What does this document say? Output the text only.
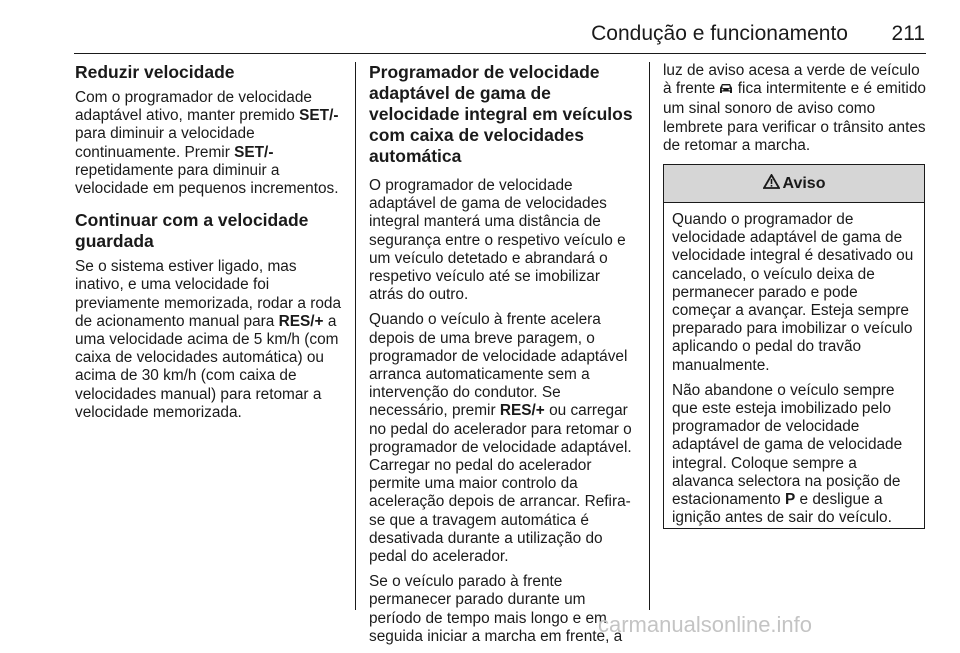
Condução e funcionamento	211
Reduzir velocidade

Com o programador de velocidade adaptável ativo, manter premido SET/- para diminuir a velocidade continuamente. Premir SET/- repetidamente para diminuir a velocidade em pequenos incrementos.

Continuar com a velocidade guardada

Se o sistema estiver ligado, mas inativo, e uma velocidade foi previamente memorizada, rodar a roda de acionamento manual para RES/+ a uma velocidade acima de 5 km/h (com caixa de velocidades automática) ou acima de 30 km/h (com caixa de velocidades manual) para retomar a velocidade memorizada.

Programador de velocidade adaptável de gama de velocidade integral em veículos com caixa de velocidades automática

O programador de velocidade adaptável de gama de velocidades integral manterá uma distância de segurança entre o respetivo veículo e um veículo detetado e abrandará o respetivo veículo até se imobilizar atrás do outro.

Quando o veículo à frente acelera depois de uma breve paragem, o programador de velocidade adaptável arranca automaticamente sem a intervenção do condutor. Se necessário, premir RES/+ ou carregar no pedal do acelerador para retomar o programador de velocidade adaptável. Carregar no pedal do acelerador permite uma maior controlo da aceleração depois de arrancar. Refira-se que a travagem automática é desativada durante a utilização do pedal do acelerador.

Se o veículo parado à frente permanecer parado durante um período de tempo mais longo e em seguida iniciar a marcha em frente, a

luz de aviso acesa a verde de veículo à frente fica intermitente e é emitido um sinal sonoro de aviso como lembrete para verificar o trânsito antes de retomar a marcha.

Aviso

Quando o programador de velocidade adaptável de gama de velocidade integral é desativado ou cancelado, o veículo deixa de permanecer parado e pode começar a avançar. Esteja sempre preparado para imobilizar o veículo aplicando o pedal do travão manualmente.

Não abandone o veículo sempre que este esteja imobilizado pelo programador de velocidade adaptável de gama de velocidade integral. Coloque sempre a alavanca selectora na posição de estacionamento P e desligue a ignição antes de sair do veículo.

carmanualsonline.info
